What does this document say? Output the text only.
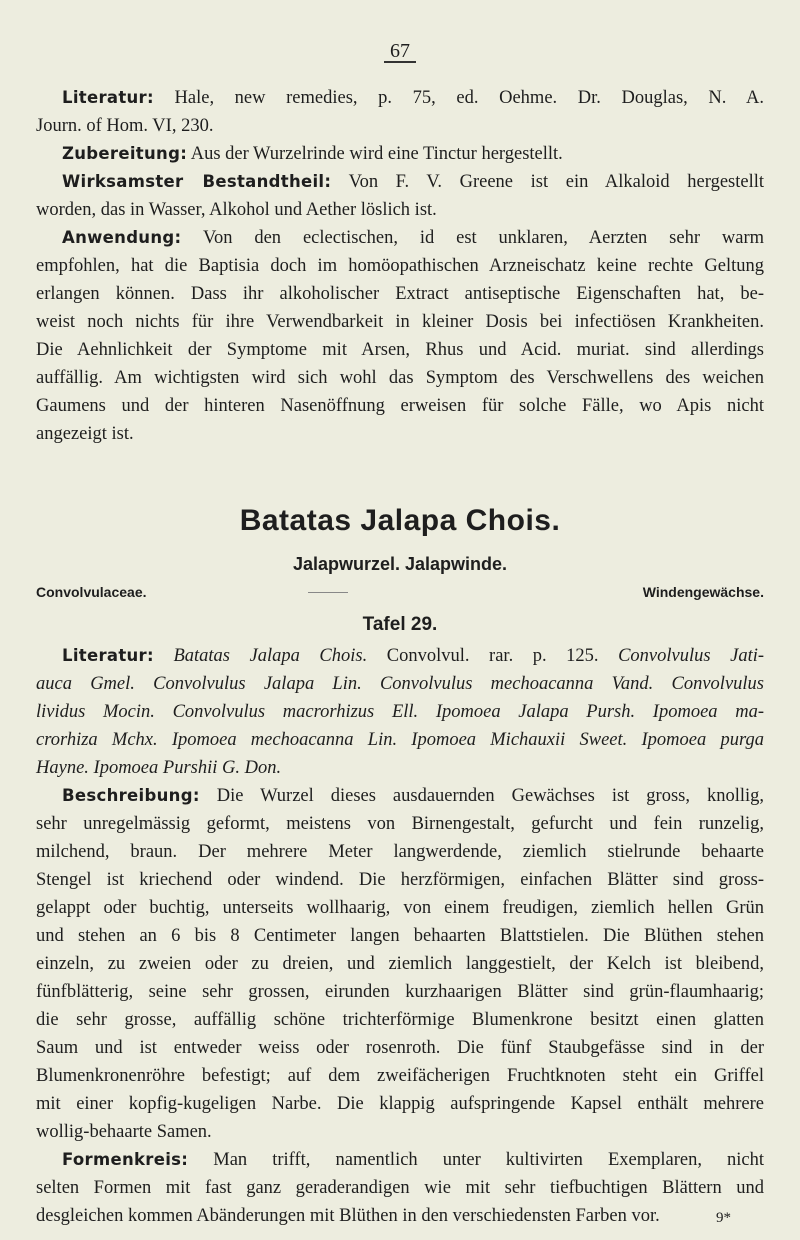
67
Literatur: Hale, new remedies, p. 75, ed. Oehme. Dr. Douglas, N. A.
Journ. of Hom. VI, 230.
Zubereitung: Aus der Wurzelrinde wird eine Tinctur hergestellt.
Wirksamster Bestandtheil: Von F. V. Greene ist ein Alkaloid hergestellt
worden, das in Wasser, Alkohol und Aether löslich ist.
Anwendung: Von den eclectischen, id est unklaren, Aerzten sehr warm
empfohlen, hat die Baptisia doch im homöopathischen Arzneischatz keine rechte Geltung
erlangen können. Dass ihr alkoholischer Extract antiseptische Eigenschaften hat, be-
weist noch nichts für ihre Verwendbarkeit in kleiner Dosis bei infectiösen Krankheiten.
Die Aehnlichkeit der Symptome mit Arsen, Rhus und Acid. muriat. sind allerdings
auffällig. Am wichtigsten wird sich wohl das Symptom des Verschwellens des weichen
Gaumens und der hinteren Nasenöffnung erweisen für solche Fälle, wo Apis nicht
angezeigt ist.
Batatas Jalapa Chois.
Jalapwurzel. Jalapwinde.
Convolvulaceae.	Windengewächse.
Tafel 29.
Literatur: Batatas Jalapa Chois. Convolvul. rar. p. 125. Convolvulus Jati-
auca Gmel. Convolvulus Jalapa Lin. Convolvulus mechoacanna Vand. Convolvulus
lividus Mocin. Convolvulus macrorhizus Ell. Ipomoea Jalapa Pursh. Ipomoea ma-
crorhiza Mchx. Ipomoea mechoacanna Lin. Ipomoea Michauxii Sweet. Ipomoea purga
Hayne. Ipomoea Purshii G. Don.
Beschreibung: Die Wurzel dieses ausdauernden Gewächses ist gross, knollig,
sehr unregelmässig geformt, meistens von Birnengestalt, gefurcht und fein runzelig,
milchend, braun. Der mehrere Meter langwerdende, ziemlich stielrunde behaarte
Stengel ist kriechend oder windend. Die herzförmigen, einfachen Blätter sind gross-
gelappt oder buchtig, unterseits wollhaarig, von einem freudigen, ziemlich hellen Grün
und stehen an 6 bis 8 Centimeter langen behaarten Blattstielen. Die Blüthen stehen
einzeln, zu zweien oder zu dreien, und ziemlich langgestielt, der Kelch ist bleibend,
fünfblätterig, seine sehr grossen, eirunden kurzhaarigen Blätter sind grün-flaumhaarig;
die sehr grosse, auffällig schöne trichterförmige Blumenkrone besitzt einen glatten
Saum und ist entweder weiss oder rosenroth. Die fünf Staubgefässe sind in der
Blumenkronenröhre befestigt; auf dem zweifächerigen Fruchtknoten steht ein Griffel
mit einer kopfig-kugeligen Narbe. Die klappig aufspringende Kapsel enthält mehrere
wollig-behaarte Samen.
Formenkreis: Man trifft, namentlich unter kultivirten Exemplaren, nicht
selten Formen mit fast ganz geraderandigen wie mit sehr tiefbuchtigen Blättern und
desgleichen kommen Abänderungen mit Blüthen in den verschiedensten Farben vor.	9*
